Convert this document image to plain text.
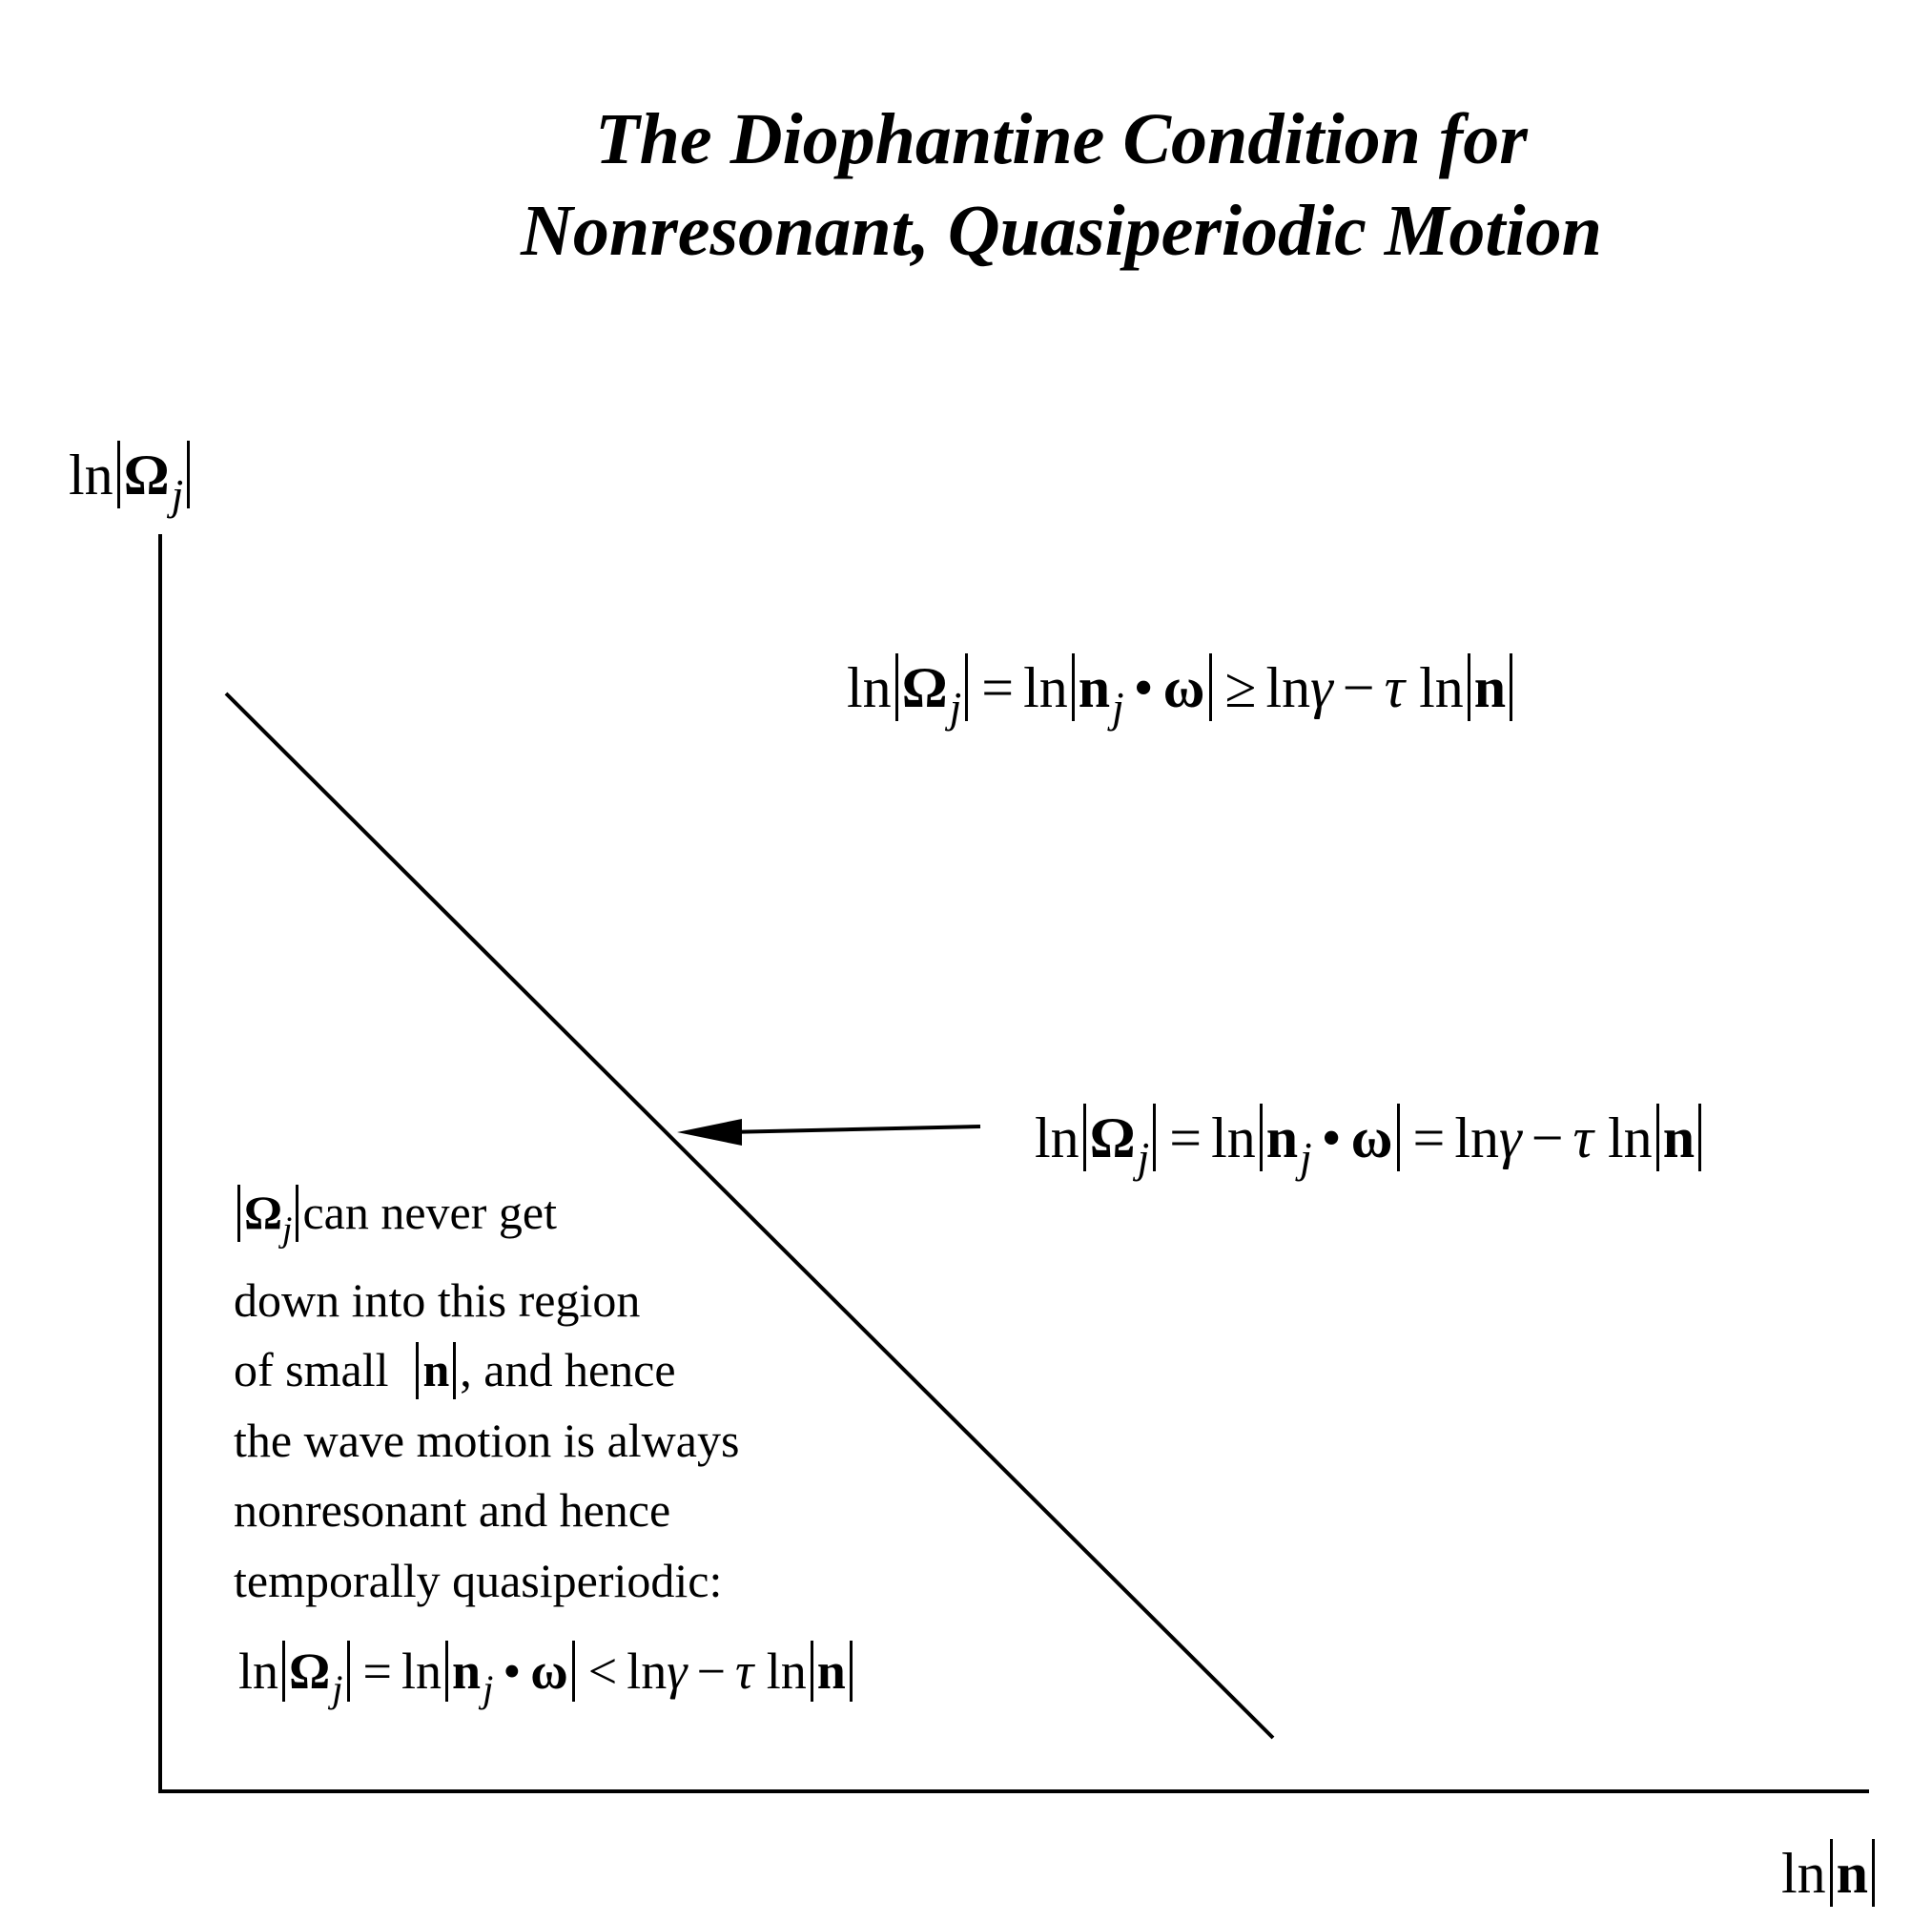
The Diophantine Condition for
Nonresonant, Quasiperiodic Motion
$\ln \Omega_j$
ln n
$\ln \Omega_j = \ln n_j$ • ω ≥ lnγ − τ ln n
$\ln \Omega_j = \ln n_j$ • ω = lnγ − τ ln n
$\Omega_j$ can never get
down into this region
of small n , and hence
the wave motion is always
nonresonant and hence
temporally quasiperiodic:
$\ln \Omega_j = \ln n_j$ • ω < lnγ − τ ln n
